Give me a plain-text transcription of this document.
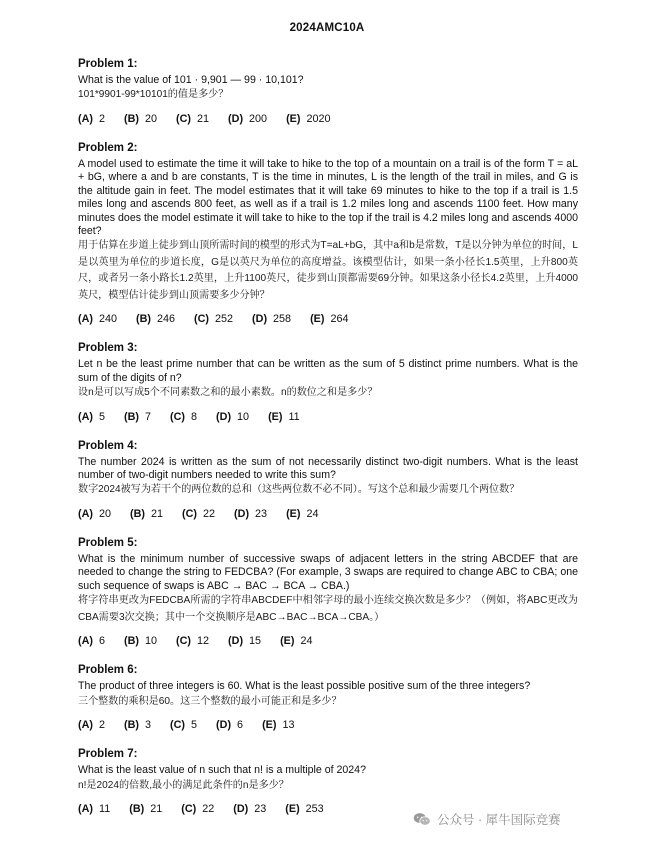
2024AMC10A
Problem 1:
What is the value of 101 · 9,901 — 99 · 10,101?
101*9901-99*10101的值是多少？
(A) 2 (B) 20 (C) 21 (D) 200 (E) 2020
Problem 2:
A model used to estimate the time it will take to hike to the top of a mountain on a trail is of the form T = aL + bG, where a and b are constants, T is the time in minutes, L is the length of the trail in miles, and G is the altitude gain in feet. The model estimates that it will take 69 minutes to hike to the top if a trail is 1.5 miles long and ascends 800 feet, as well as if a trail is 1.2 miles long and ascends 1100 feet. How many minutes does the model estimate it will take to hike to the top if the trail is 4.2 miles long and ascends 4000 feet?
用于估算在步道上徒步到山顶所需时间的模型的形式为T=aL+bG，其中a和b是常数，T是以分钟为单位的时间，L是以英里为单位的步道长度，G是以英尺为单位的高度增益。该模型估计，如果一条小径长1.5英里，上升800英尺，或者另一条小路长1.2英里，上升1100英尺，徒步到山顶都需要69分钟。如果这条小径长4.2英里，上升4000英尺，模型估计徒步到山顶需要多少分钟？
(A) 240 (B) 246 (C) 252 (D) 258 (E) 264
Problem 3:
Let n be the least prime number that can be written as the sum of 5 distinct prime numbers. What is the sum of the digits of n?
设n是可以写成5个不同素数之和的最小素数。n的数位之和是多少？
(A) 5 (B) 7 (C) 8 (D) 10 (E) 11
Problem 4:
The number 2024 is written as the sum of not necessarily distinct two-digit numbers. What is the least number of two-digit numbers needed to write this sum?
数字2024被写为若干个的两位数的总和（这些两位数不必不同）。写这个总和最少需要几个两位数？
(A) 20 (B) 21 (C) 22 (D) 23 (E) 24
Problem 5:
What is the minimum number of successive swaps of adjacent letters in the string ABCDEF that are needed to change the string to FEDCBA? (For example, 3 swaps are required to change ABC to CBA; one such sequence of swaps is ABC → BAC → BCA → CBA.)
将字符串更改为FEDCBA所需的字符串ABCDEF中相邻字母的最小连续交换次数是多少？（例如，将ABC更改为CBA需要3次交换；其中一个交换顺序是ABC→BAC→BCA→CBA。）
(A) 6 (B) 10 (C) 12 (D) 15 (E) 24
Problem 6:
The product of three integers is 60. What is the least possible positive sum of the three integers?
三个整数的乘积是60。这三个整数的最小可能正和是多少？
(A) 2 (B) 3 (C) 5 (D) 6 (E) 13
Problem 7:
What is the least value of n such that n! is a multiple of 2024?
n!是2024的倍数,最小的满足此条件的n是多少？
(A) 11 (B) 21 (C) 22 (D) 23 (E) 253
公众号 · 犀牛国际竞赛
